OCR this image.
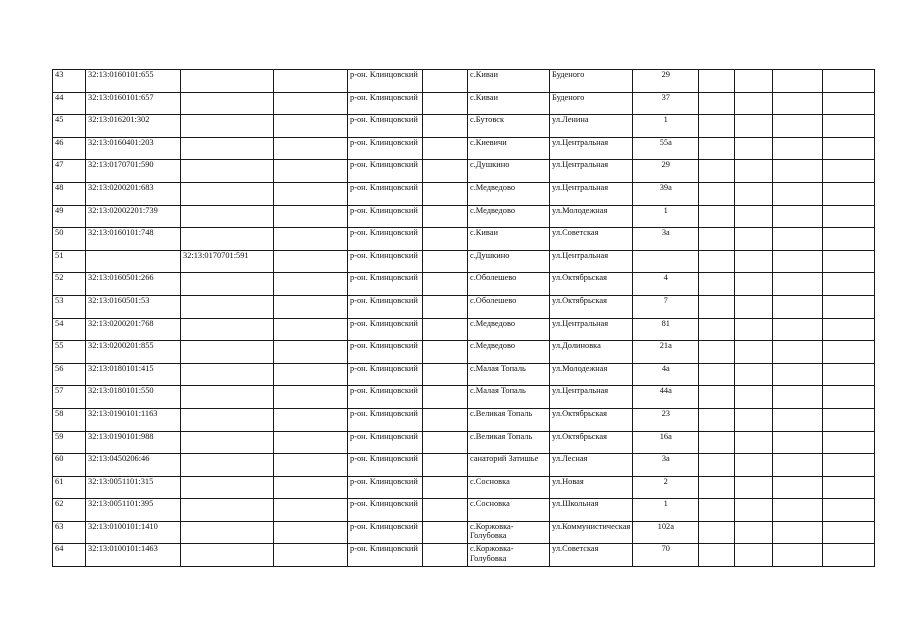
43	32:13:0160101:655			р-он. Клинцовский		с.Киваи	Буденого	29				
44	32:13:0160101:657			р-он. Клинцовский		с.Киваи	Буденого	37				
45	32:13:016201:302			р-он. Клинцовский		с.Бутовск	ул.Ленина	1				
46	32:13:0160401:203			р-он. Клинцовский		с.Киевичи	ул.Центральная	55а				
47	32:13:0170701:590			р-он. Клинцовский		с.Душкино	ул.Центральная	29				
48	32:13:0200201:683			р-он. Клинцовский		с.Медведово	ул.Центральная	39а				
49	32:13:02002201:739			р-он. Клинцовский		с.Медведово	ул.Молодежная	1				
50	32:13:0160101:748			р-он. Клинцовский		с.Киваи	ул.Советская	3а				
51		32:13:0170701:591		р-он. Клинцовский		с.Душкино	ул.Центральная					
52	32:13:0160501:266			р-он. Клинцовский		с.Оболешево	ул.Октябрьская	4				
53	32:13:0160501:53			р-он. Клинцовский		с.Оболешево	ул.Октябрьская	7				
54	32:13:0200201:768			р-он. Клинцовский		с.Медведово	ул.Центральная	81				
55	32:13:0200201:855			р-он. Клинцовский		с.Медведово	ул.Долиновка	21а				
56	32:13:0180101:415			р-он. Клинцовский		с.Малая Топаль	ул.Молодежная	4а				
57	32:13:0180101:550			р-он. Клинцовский		с.Малая Топаль	ул.Центральная	44а				
58	32:13:0190101:1163			р-он. Клинцовский		с.Великая Топаль	ул.Октябрьская	23				
59	32:13:0190101:988			р-он. Клинцовский		с.Великая Топаль	ул.Октябрьская	16а				
60	32:13:0450206:46			р-он. Клинцовский		санаторий Затишье	ул.Лесная	3а				
61	32:13:0051101:315			р-он. Клинцовский		с.Сосновка	ул.Новая	2				
62	32:13:0051101:395			р-он. Клинцовский		с.Сосновка	ул.Школьная	1				
63	32:13:0100101:1410			р-он. Клинцовский		с.Коржовка-Голубовка	ул.Коммунистическая	102а				
64	32:13:0100101:1463			р-он. Клинцовский		с.Коржовка-Голубовка	ул.Советская	70				
